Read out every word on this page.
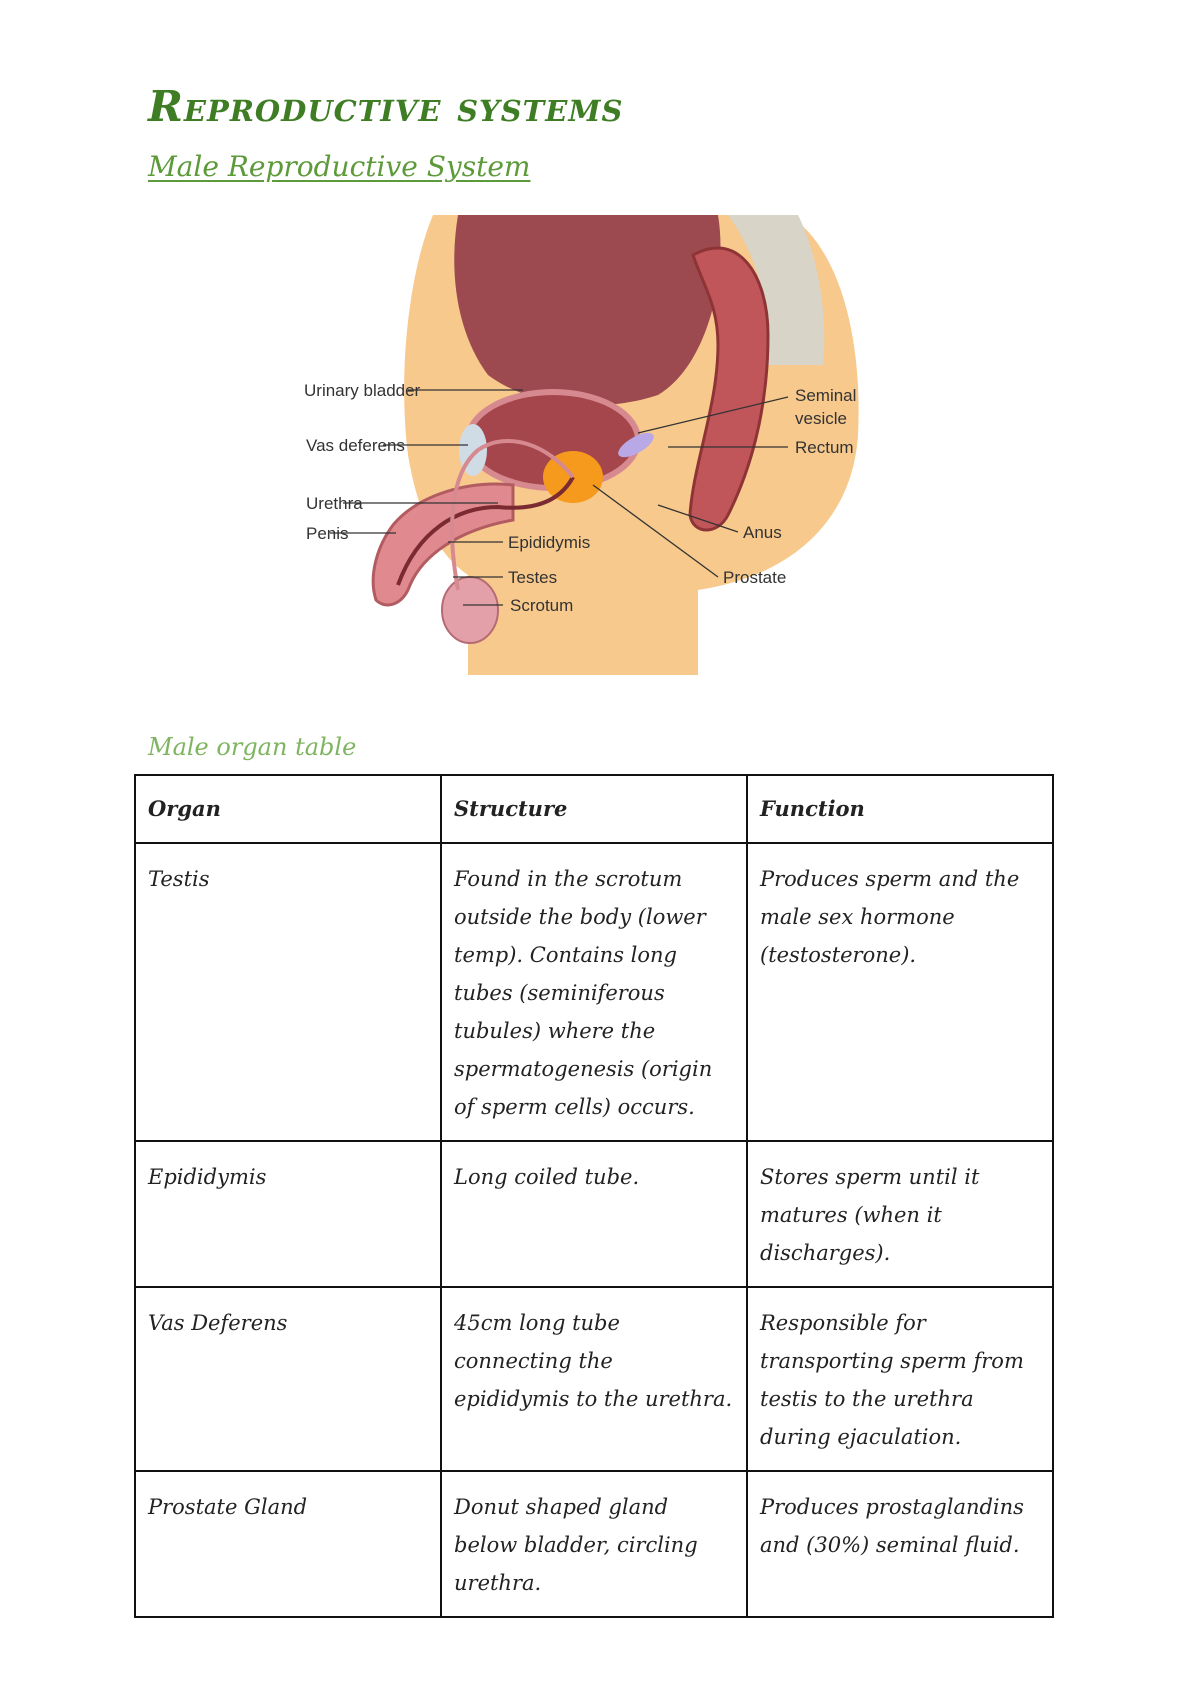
Reproductive systems
Male Reproductive System
Urinary bladder
Vas deferens
Urethra
Penis	Epididymis
Testes
Scrotum
Seminal
vesicle
Rectum
Anus
Prostate

Male organ table

Organ	Structure	Function
Testis	Found in the scrotum outside the body (lower temp). Contains long tubes (seminiferous tubules) where the spermatogenesis (origin of sperm cells) occurs.	Produces sperm and the male sex hormone (testosterone).
Epididymis	Long coiled tube.	Stores sperm until it matures (when it discharges).
Vas Deferens	45cm long tube connecting the epididymis to the urethra.	Responsible for transporting sperm from testis to the urethra during ejaculation.
Prostate Gland	Donut shaped gland below bladder, circling urethra.	Produces prostaglandins and (30%) seminal fluid.
